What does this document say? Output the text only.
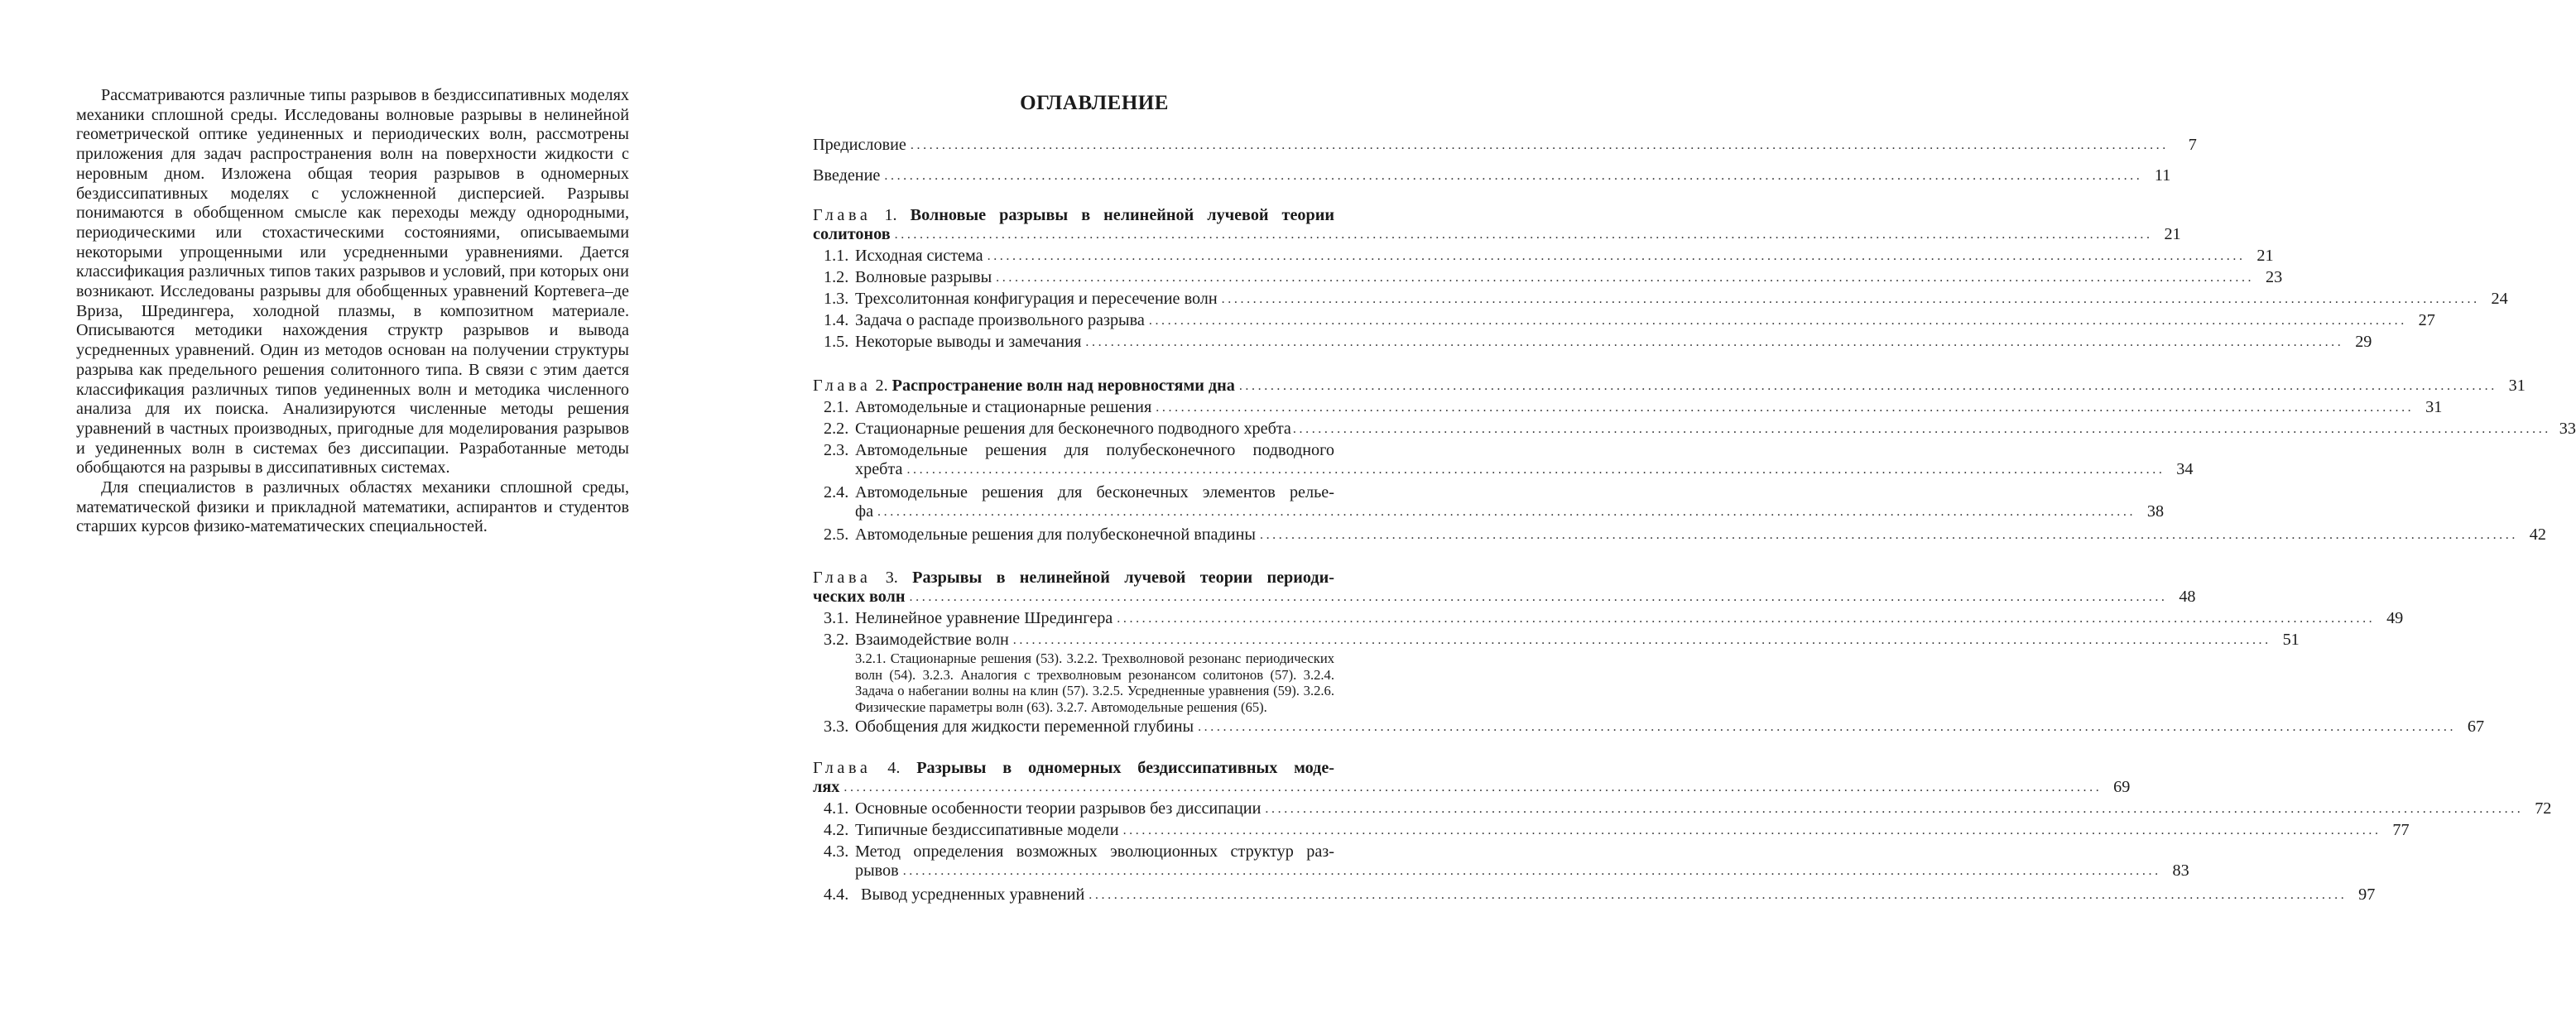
Рассматриваются различные типы разрывов в бездиссипативных моделях механики сплошной среды. Исследованы волновые разрывы в нелинейной геометрической оптике уединенных и периодических волн, рассмотрены приложения для задач распространения волн на поверхности жидкости с неровным дном. Изложена общая теория разрывов в одномерных бездиссипативных моделях с усложненной дисперсией. Разрывы понимаются в обобщенном смысле как переходы между однородными, периодическими или стохастическими состояниями, описываемыми некоторыми упрощенными или усредненными уравнениями. Дается классификация различных типов таких разрывов и условий, при которых они возникают. Исследованы разрывы для обобщенных уравнений Кортевега–де Вриза, Шредингера, холодной плазмы, в композитном материале. Описываются методики нахождения структр разрывов и вывода усредненных уравнений. Один из методов основан на получении структуры разрыва как предельного решения солитонного типа. В связи с этим дается классификация различных типов уединенных волн и методика численного анализа для их поиска. Анализируются численные методы решения уравнений в частных производных, пригодные для моделирования разрывов и уединенных волн в системах без диссипации. Разработанные методы обобщаются на разрывы в диссипативных системах.

Для специалистов в различных областях механики сплошной среды, математической физики и прикладной математики, аспирантов и студентов старших курсов физико-математических специальностей.

ОГЛАВЛЕНИЕ
Предисловие ........................................................................................................................................................................................................	7
Введение ........................................................................................................................................................................................................ 11
Глава 1. Волновые разрывы в нелинейной лучевой теории
солитонов ........................................................................................................................................................................................................ 21
1.1. Исходная система ........................................................................................................................................................................................................ 21
1.2. Волновые разрывы ........................................................................................................................................................................................................ 23
1.3. Трехсолитонная конфигурация и пересечение волн ........................................................................................................................................................................................................ 24
1.4. Задача о распаде произвольного разрыва ........................................................................................................................................................................................................ 27
1.5. Некоторые выводы и замечания ........................................................................................................................................................................................................ 29
Глава 2. Распространение волн над неровностями дна ........................................................................................................................................................................................................ 31
2.1. Автомодельные и стационарные решения ........................................................................................................................................................................................................ 31
2.2. Стационарные решения для бесконечного подводного хребта ........................................................................................................................................................................................................ 33
2.3. Автомодельные решения для полубесконечного подводного
хребта ........................................................................................................................................................................................................ 34
2.4. Автомодельные решения для бесконечных элементов релье-
фа ........................................................................................................................................................................................................ 38
2.5. Автомодельные решения для полубесконечной впадины ........................................................................................................................................................................................................ 42
Глава 3. Разрывы в нелинейной лучевой теории периоди-
ческих волн ........................................................................................................................................................................................................ 48
3.1. Нелинейное уравнение Шредингера ........................................................................................................................................................................................................ 49
3.2. Взаимодействие волн ........................................................................................................................................................................................................ 51
3.2.1. Стационарные решения (53). 3.2.2. Трехволновой резонанс периодических волн (54). 3.2.3. Аналогия с трехволновым резонансом солитонов (57). 3.2.4. Задача о набегании волны на клин (57). 3.2.5. Усредненные уравнения (59). 3.2.6. Физические параметры волн (63). 3.2.7. Автомодельные решения (65).
3.3. Обобщения для жидкости переменной глубины ........................................................................................................................................................................................................ 67
Глава 4. Разрывы в одномерных бездиссипативных моде-
лях ........................................................................................................................................................................................................ 69
4.1. Основные особенности теории разрывов без диссипации ........................................................................................................................................................................................................ 72
4.2. Типичные бездиссипативные модели ........................................................................................................................................................................................................ 77
4.3. Метод определения возможных эволюционных структур раз-
рывов ........................................................................................................................................................................................................ 83
4.4. Вывод усредненных уравнений ........................................................................................................................................................................................................ 97
